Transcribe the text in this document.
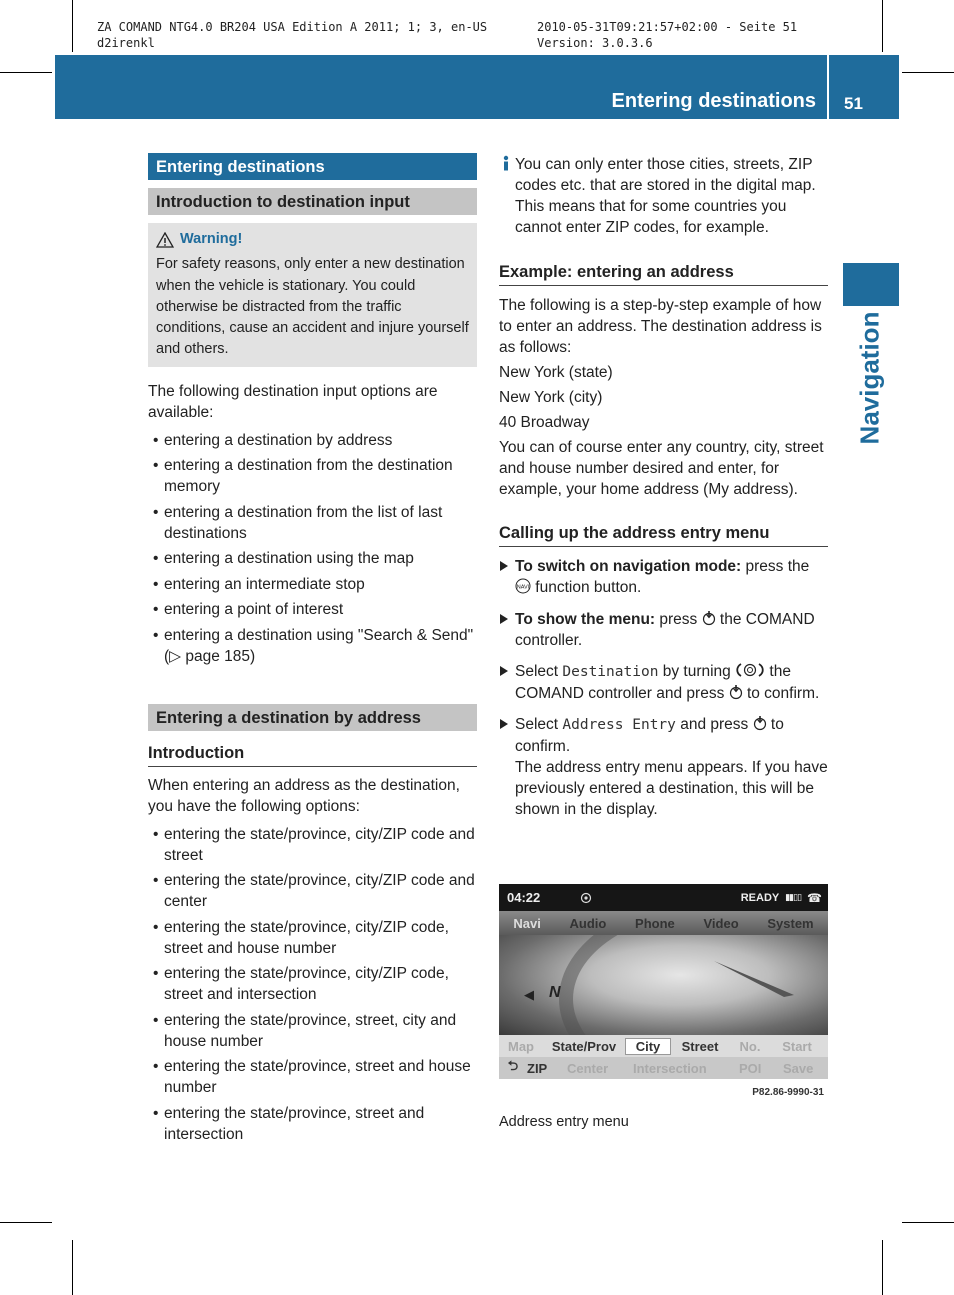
ZA COMAND NTG4.0 BR204 USA Edition A 2011; 1; 3, en-US
d2irenkl
2010-05-31T09:21:57+02:00 - Seite 51
Version: 3.0.3.6
Entering destinations 51
Navigation
Entering destinations
Introduction to destination input
Warning!

For safety reasons, only enter a new destination when the vehicle is stationary. You could otherwise be distracted from the traffic conditions, cause an accident and injure yourself and others.

The following destination input options are available:

• entering a destination by address
• entering a destination from the destination memory
• entering a destination from the list of last destinations
• entering a destination using the map
• entering an intermediate stop
• entering a point of interest
• entering a destination using "Search & Send" (▷ page 185)
Entering a destination by address
Introduction

When entering an address as the destination, you have the following options:

• entering the state/province, city/ZIP code and street
• entering the state/province, city/ZIP code and center
• entering the state/province, city/ZIP code, street and house number
• entering the state/province, city/ZIP code, street and intersection
• entering the state/province, street, city and house number
• entering the state/province, street and house number
• entering the state/province, street and intersection

You can only enter those cities, streets, ZIP codes etc. that are stored in the digital map. This means that for some countries you cannot enter ZIP codes, for example.

Example: entering an address

The following is a step-by-step example of how to enter an address. The destination address is as follows:

New York (state)

New York (city)

40 Broadway

You can of course enter any country, city, street and house number desired and enter, for example, your home address (My address).

Calling up the address entry menu
To switch on navigation mode: press the

NAVI function button.
To show the menu: press  the COMAND controller.
Select Destination by turning  the COMAND controller and press  to confirm.
Select Address Entry and press  to confirm.
The address entry menu appears. If you have previously entered a destination, this will be shown in the display.
04:22	READY ▮▮▯▯ ☎
Navi Audio Phone Video System
◀ N
Map	State/Prov	City	Street	No.	Start
⮌ ZIP	Center	Intersection	POI	Save
P82.86-9990-31
Address entry menu
